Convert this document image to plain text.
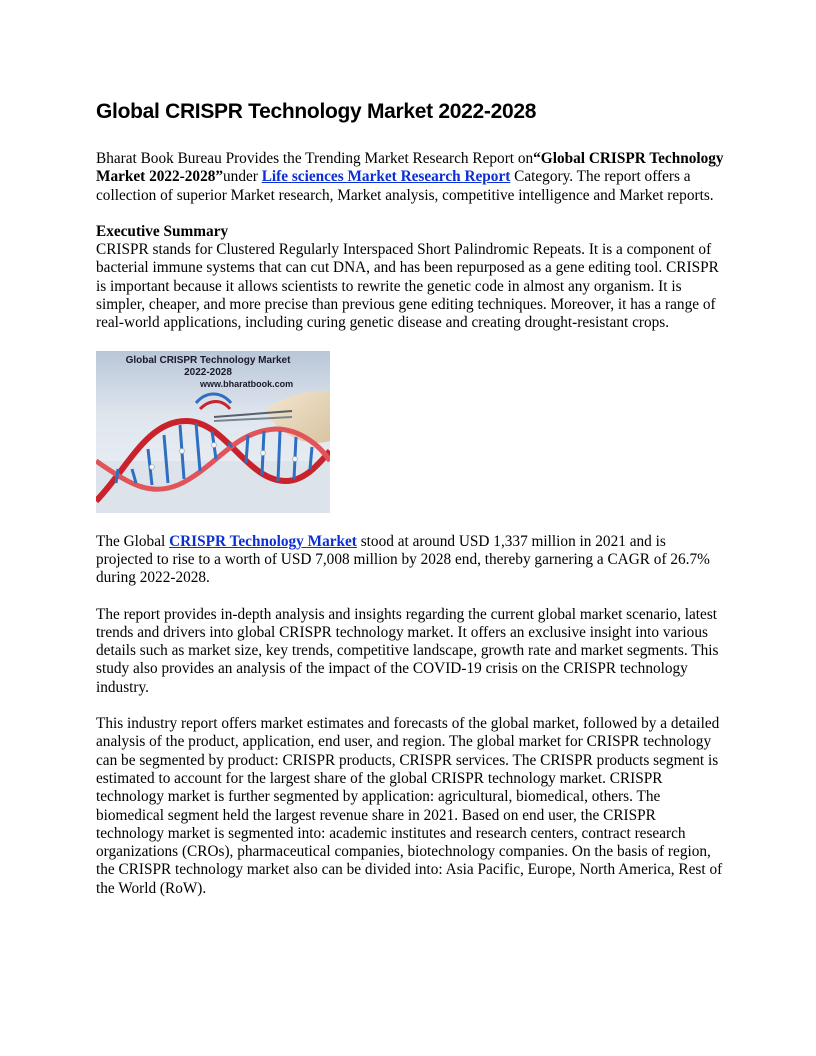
Global CRISPR Technology Market 2022-2028

Bharat Book Bureau Provides the Trending Market Research Report on“Global CRISPR Technology Market 2022-2028”under Life sciences Market Research Report Category. The report offers a collection of superior Market research, Market analysis, competitive intelligence and Market reports.

Executive Summary
CRISPR stands for Clustered Regularly Interspaced Short Palindromic Repeats. It is a component of bacterial immune systems that can cut DNA, and has been repurposed as a gene editing tool. CRISPR is important because it allows scientists to rewrite the genetic code in almost any organism. It is simpler, cheaper, and more precise than previous gene editing techniques. Moreover, it has a range of real-world applications, including curing genetic disease and creating drought-resistant crops.

Global CRISPR Technology Market
2022-2028
www.bharatbook.com

The Global CRISPR Technology Market stood at around USD 1,337 million in 2021 and is projected to rise to a worth of USD 7,008 million by 2028 end, thereby garnering a CAGR of 26.7% during 2022-2028.

The report provides in-depth analysis and insights regarding the current global market scenario, latest trends and drivers into global CRISPR technology market. It offers an exclusive insight into various details such as market size, key trends, competitive landscape, growth rate and market segments. This study also provides an analysis of the impact of the COVID-19 crisis on the CRISPR technology industry.

This industry report offers market estimates and forecasts of the global market, followed by a detailed analysis of the product, application, end user, and region. The global market for CRISPR technology can be segmented by product: CRISPR products, CRISPR services. The CRISPR products segment is estimated to account for the largest share of the global CRISPR technology market. CRISPR technology market is further segmented by application: agricultural, biomedical, others. The biomedical segment held the largest revenue share in 2021. Based on end user, the CRISPR technology market is segmented into: academic institutes and research centers, contract research organizations (CROs), pharmaceutical companies, biotechnology companies. On the basis of region, the CRISPR technology market also can be divided into: Asia Pacific, Europe, North America, Rest of the World (RoW).
